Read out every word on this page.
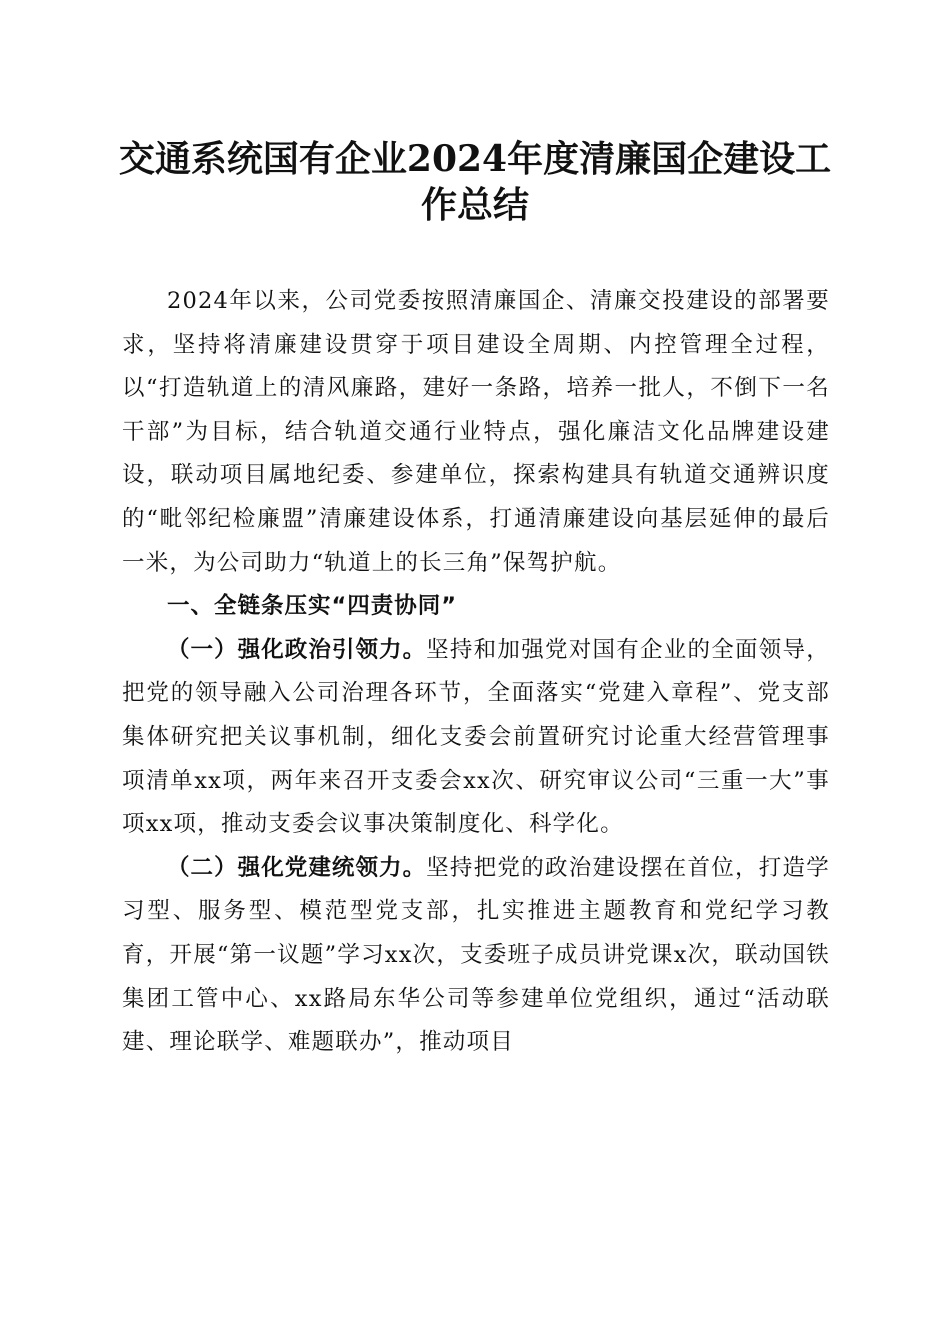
交通系统国有企业2024年度清廉国企建设工
作总结

2024年以来，公司党委按照清廉国企、清廉交投建设的部署要求，坚持将清廉建设贯穿于项目建设全周期、内控管理全过程，以“打造轨道上的清风廉路，建好一条路，培养一批人，不倒下一名干部”为目标，结合轨道交通行业特点，强化廉洁文化品牌建设建设，联动项目属地纪委、参建单位，探索构建具有轨道交通辨识度的“毗邻纪检廉盟”清廉建设体系，打通清廉建设向基层延伸的最后一米，为公司助力“轨道上的长三角”保驾护航。

一、全链条压实“四责协同”

（一）强化政治引领力。坚持和加强党对国有企业的全面领导，把党的领导融入公司治理各环节，全面落实“党建入章程”、党支部集体研究把关议事机制，细化支委会前置研究讨论重大经营管理事项清单xx项，两年来召开支委会xx次、研究审议公司“三重一大”事项xx项，推动支委会议事决策制度化、科学化。

（二）强化党建统领力。坚持把党的政治建设摆在首位，打造学习型、服务型、模范型党支部，扎实推进主题教育和党纪学习教育，开展“第一议题”学习xx次，支委班子成员讲党课x次，联动国铁集团工管中心、xx路局东华公司等参建单位党组织，通过“活动联建、理论联学、难题联办”，推动项目
